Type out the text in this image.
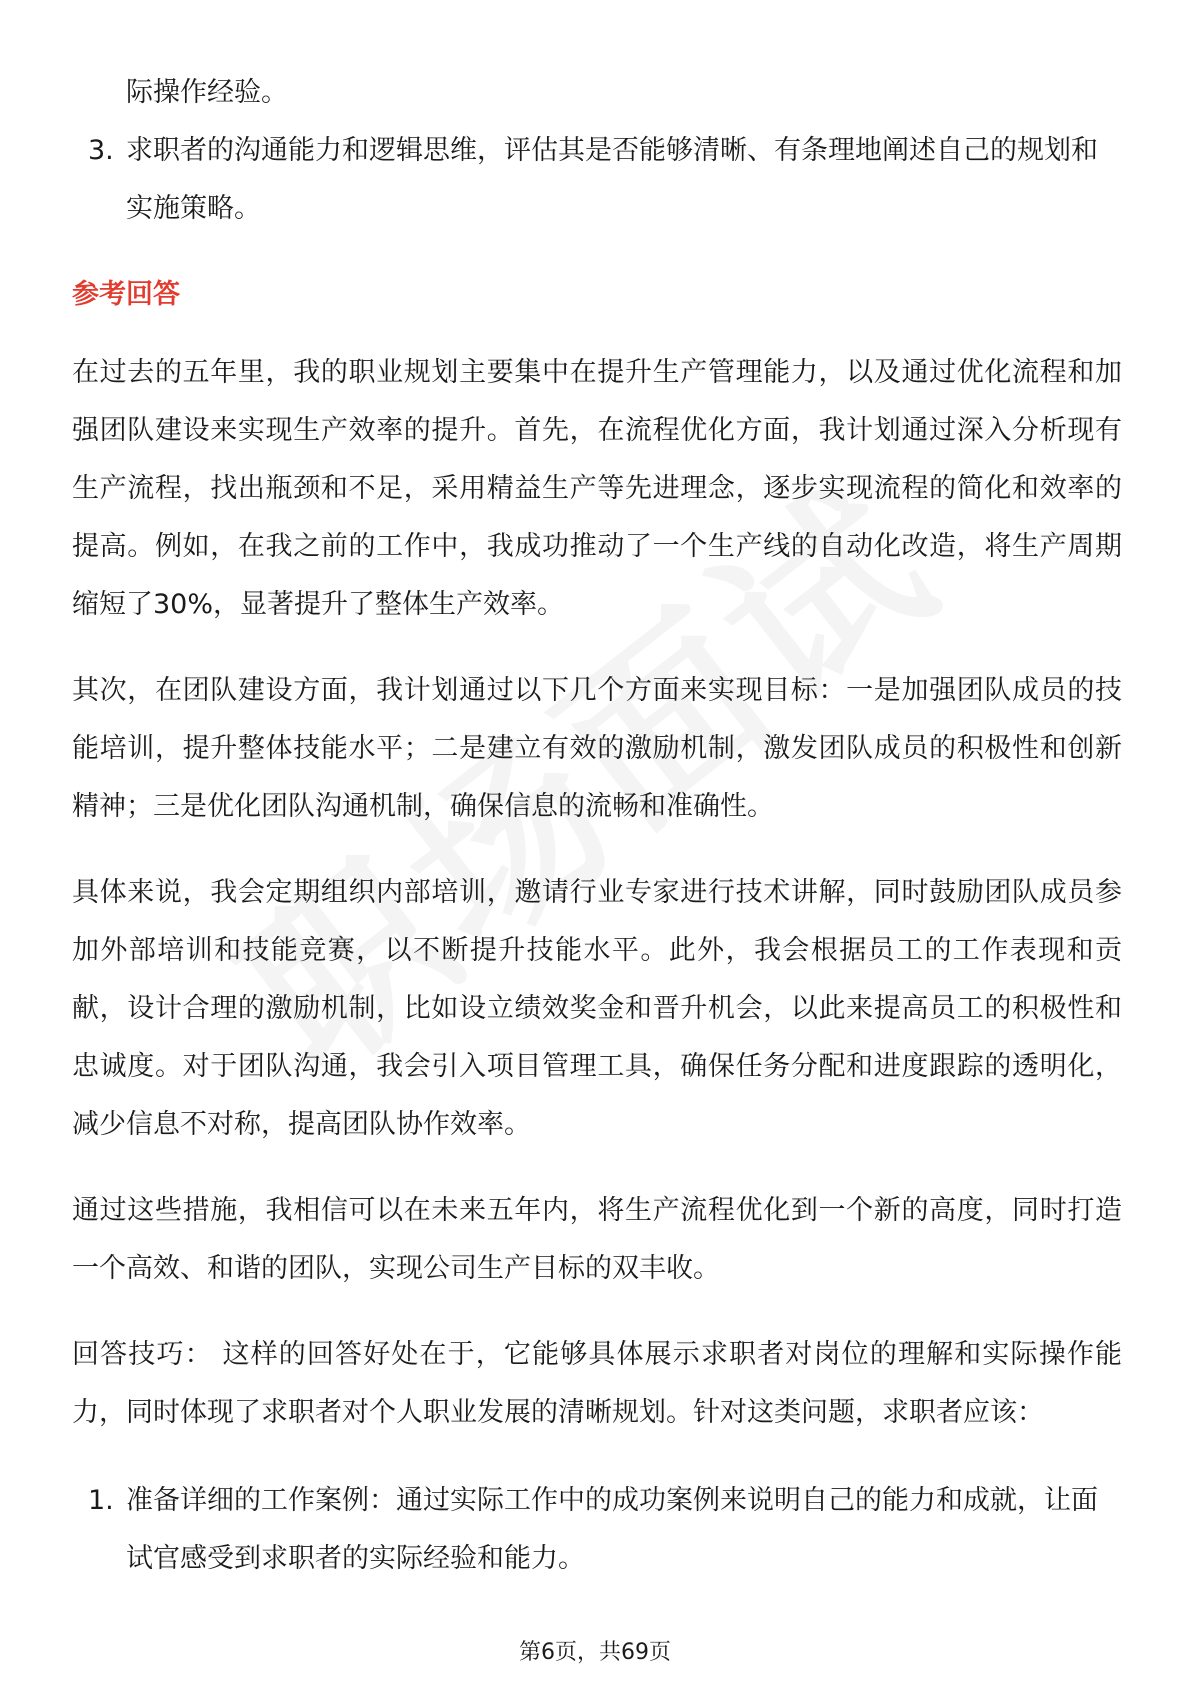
际操作经验。
3. 求职者的沟通能力和逻辑思维，评估其是否能够清晰、有条理地阐述自己的规划和实施策略。
参考回答
在过去的五年里，我的职业规划主要集中在提升生产管理能力，以及通过优化流程和加强团队建设来实现生产效率的提升。首先，在流程优化方面，我计划通过深入分析现有生产流程，找出瓶颈和不足，采用精益生产等先进理念，逐步实现流程的简化和效率的提高。例如，在我之前的工作中，我成功推动了一个生产线的自动化改造，将生产周期缩短了30%，显著提升了整体生产效率。
其次，在团队建设方面，我计划通过以下几个方面来实现目标：一是加强团队成员的技能培训，提升整体技能水平；二是建立有效的激励机制，激发团队成员的积极性和创新精神；三是优化团队沟通机制，确保信息的流畅和准确性。
具体来说，我会定期组织内部培训，邀请行业专家进行技术讲解，同时鼓励团队成员参加外部培训和技能竞赛，以不断提升技能水平。此外，我会根据员工的工作表现和贡献，设计合理的激励机制，比如设立绩效奖金和晋升机会，以此来提高员工的积极性和忠诚度。对于团队沟通，我会引入项目管理工具，确保任务分配和进度跟踪的透明化，减少信息不对称，提高团队协作效率。
通过这些措施，我相信可以在未来五年内，将生产流程优化到一个新的高度，同时打造一个高效、和谐的团队，实现公司生产目标的双丰收。
回答技巧： 这样的回答好处在于，它能够具体展示求职者对岗位的理解和实际操作能力，同时体现了求职者对个人职业发展的清晰规划。针对这类问题，求职者应该：
1. 准备详细的工作案例：通过实际工作中的成功案例来说明自己的能力和成就，让面试官感受到求职者的实际经验和能力。
第6页，共69页
